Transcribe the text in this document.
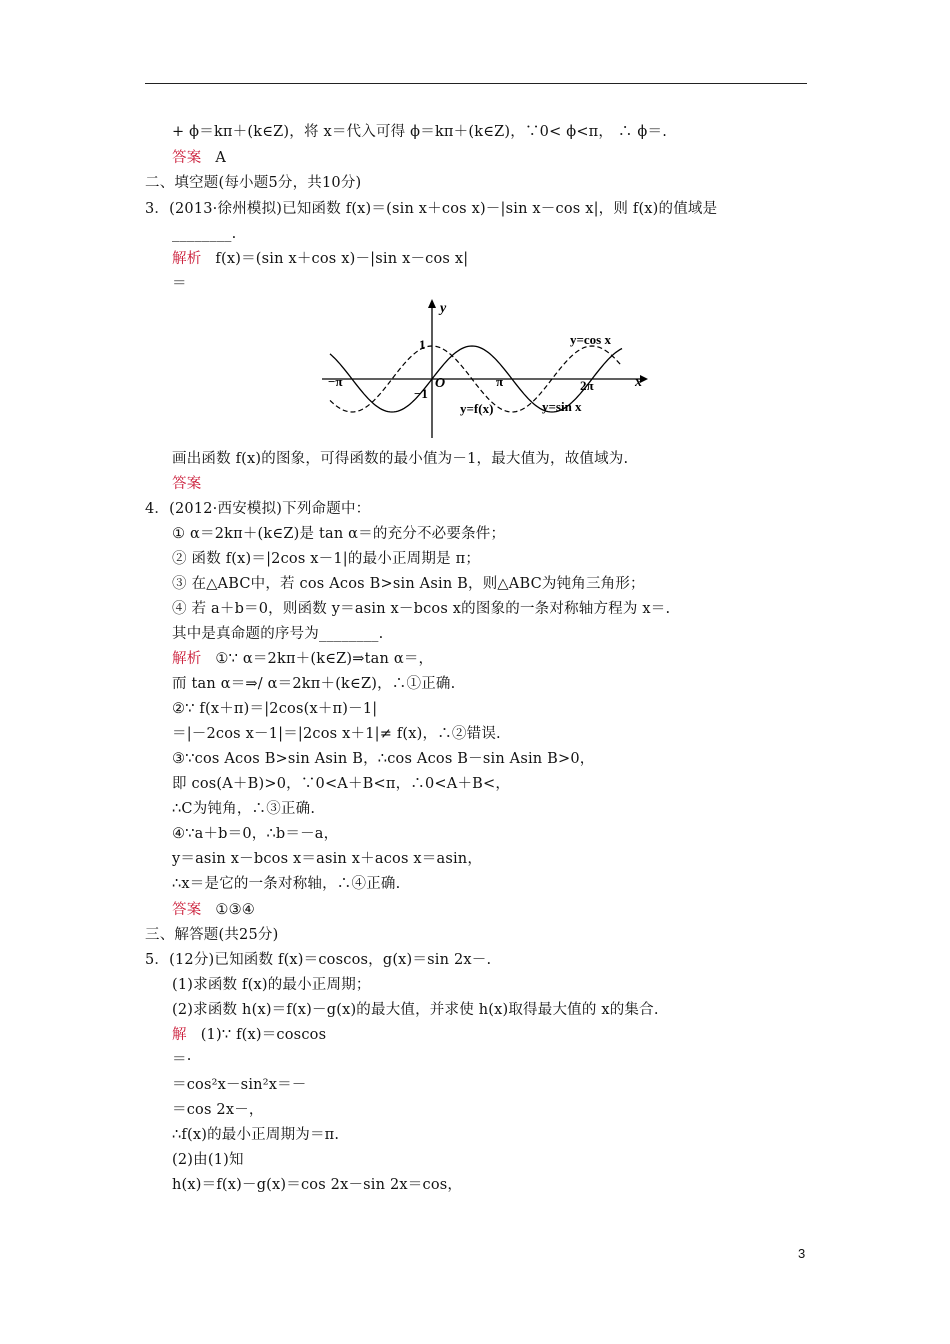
+ ϕ＝kπ＋(k∈Z)，将 x＝代入可得 ϕ＝kπ＋(k∈Z)，∵0< ϕ<π， ∴ ϕ＝.
答案 A
二、填空题(每小题5分，共10分)
3．(2013·徐州模拟)已知函数 f(x)＝(sin x＋cos x)－|sin x－cos x|，则 f(x)的值域是
________.
解析 f(x)＝(sin x＋cos x)－|sin x－cos x|
＝
画出函数 f(x)的图象，可得函数的最小值为－1，最大值为，故值域为.
答案
4．(2012·西安模拟)下列命题中：
① α＝2kπ＋(k∈Z)是 tan α＝的充分不必要条件；
② 函数 f(x)＝|2cos x－1|的最小正周期是 π；
③ 在△ABC中，若 cos Acos B>sin Asin B，则△ABC为钝角三角形；
④ 若 a＋b＝0，则函数 y＝asin x－bcos x的图象的一条对称轴方程为 x＝.
其中是真命题的序号为________.
解析 ①∵ α＝2kπ＋(k∈Z)⇒tan α＝，
而 tan α＝⇒/ α＝2kπ＋(k∈Z)，∴①正确.
②∵ f(x＋π)＝|2cos(x＋π)－1|
＝|－2cos x－1|＝|2cos x＋1|≠ f(x)，∴②错误.
③∵cos Acos B>sin Asin B，∴cos Acos B－sin Asin B>0，
即 cos(A＋B)>0，∵0<A＋B<π，∴0<A＋B<，
∴C为钝角，∴③正确.
④∵a＋b＝0，∴b＝－a，
y＝asin x－bcos x＝asin x＋acos x＝asin，
∴x＝是它的一条对称轴，∴④正确.
答案 ①③④
三、解答题(共25分)
5．(12分)已知函数 f(x)＝coscos，g(x)＝sin 2x－.
(1)求函数 f(x)的最小正周期；
(2)求函数 h(x)＝f(x)－g(x)的最大值，并求使 h(x)取得最大值的 x的集合.
解 (1)∵ f(x)＝coscos
＝·
＝cos²x－sin²x＝－
＝cos 2x－，
∴f(x)的最小正周期为＝π.
(2)由(1)知
h(x)＝f(x)－g(x)＝cos 2x－sin 2x＝cos，
y
x
O
1
−1
−π	π	2π
y=cos x
y=f(x)	y=sin x
3
